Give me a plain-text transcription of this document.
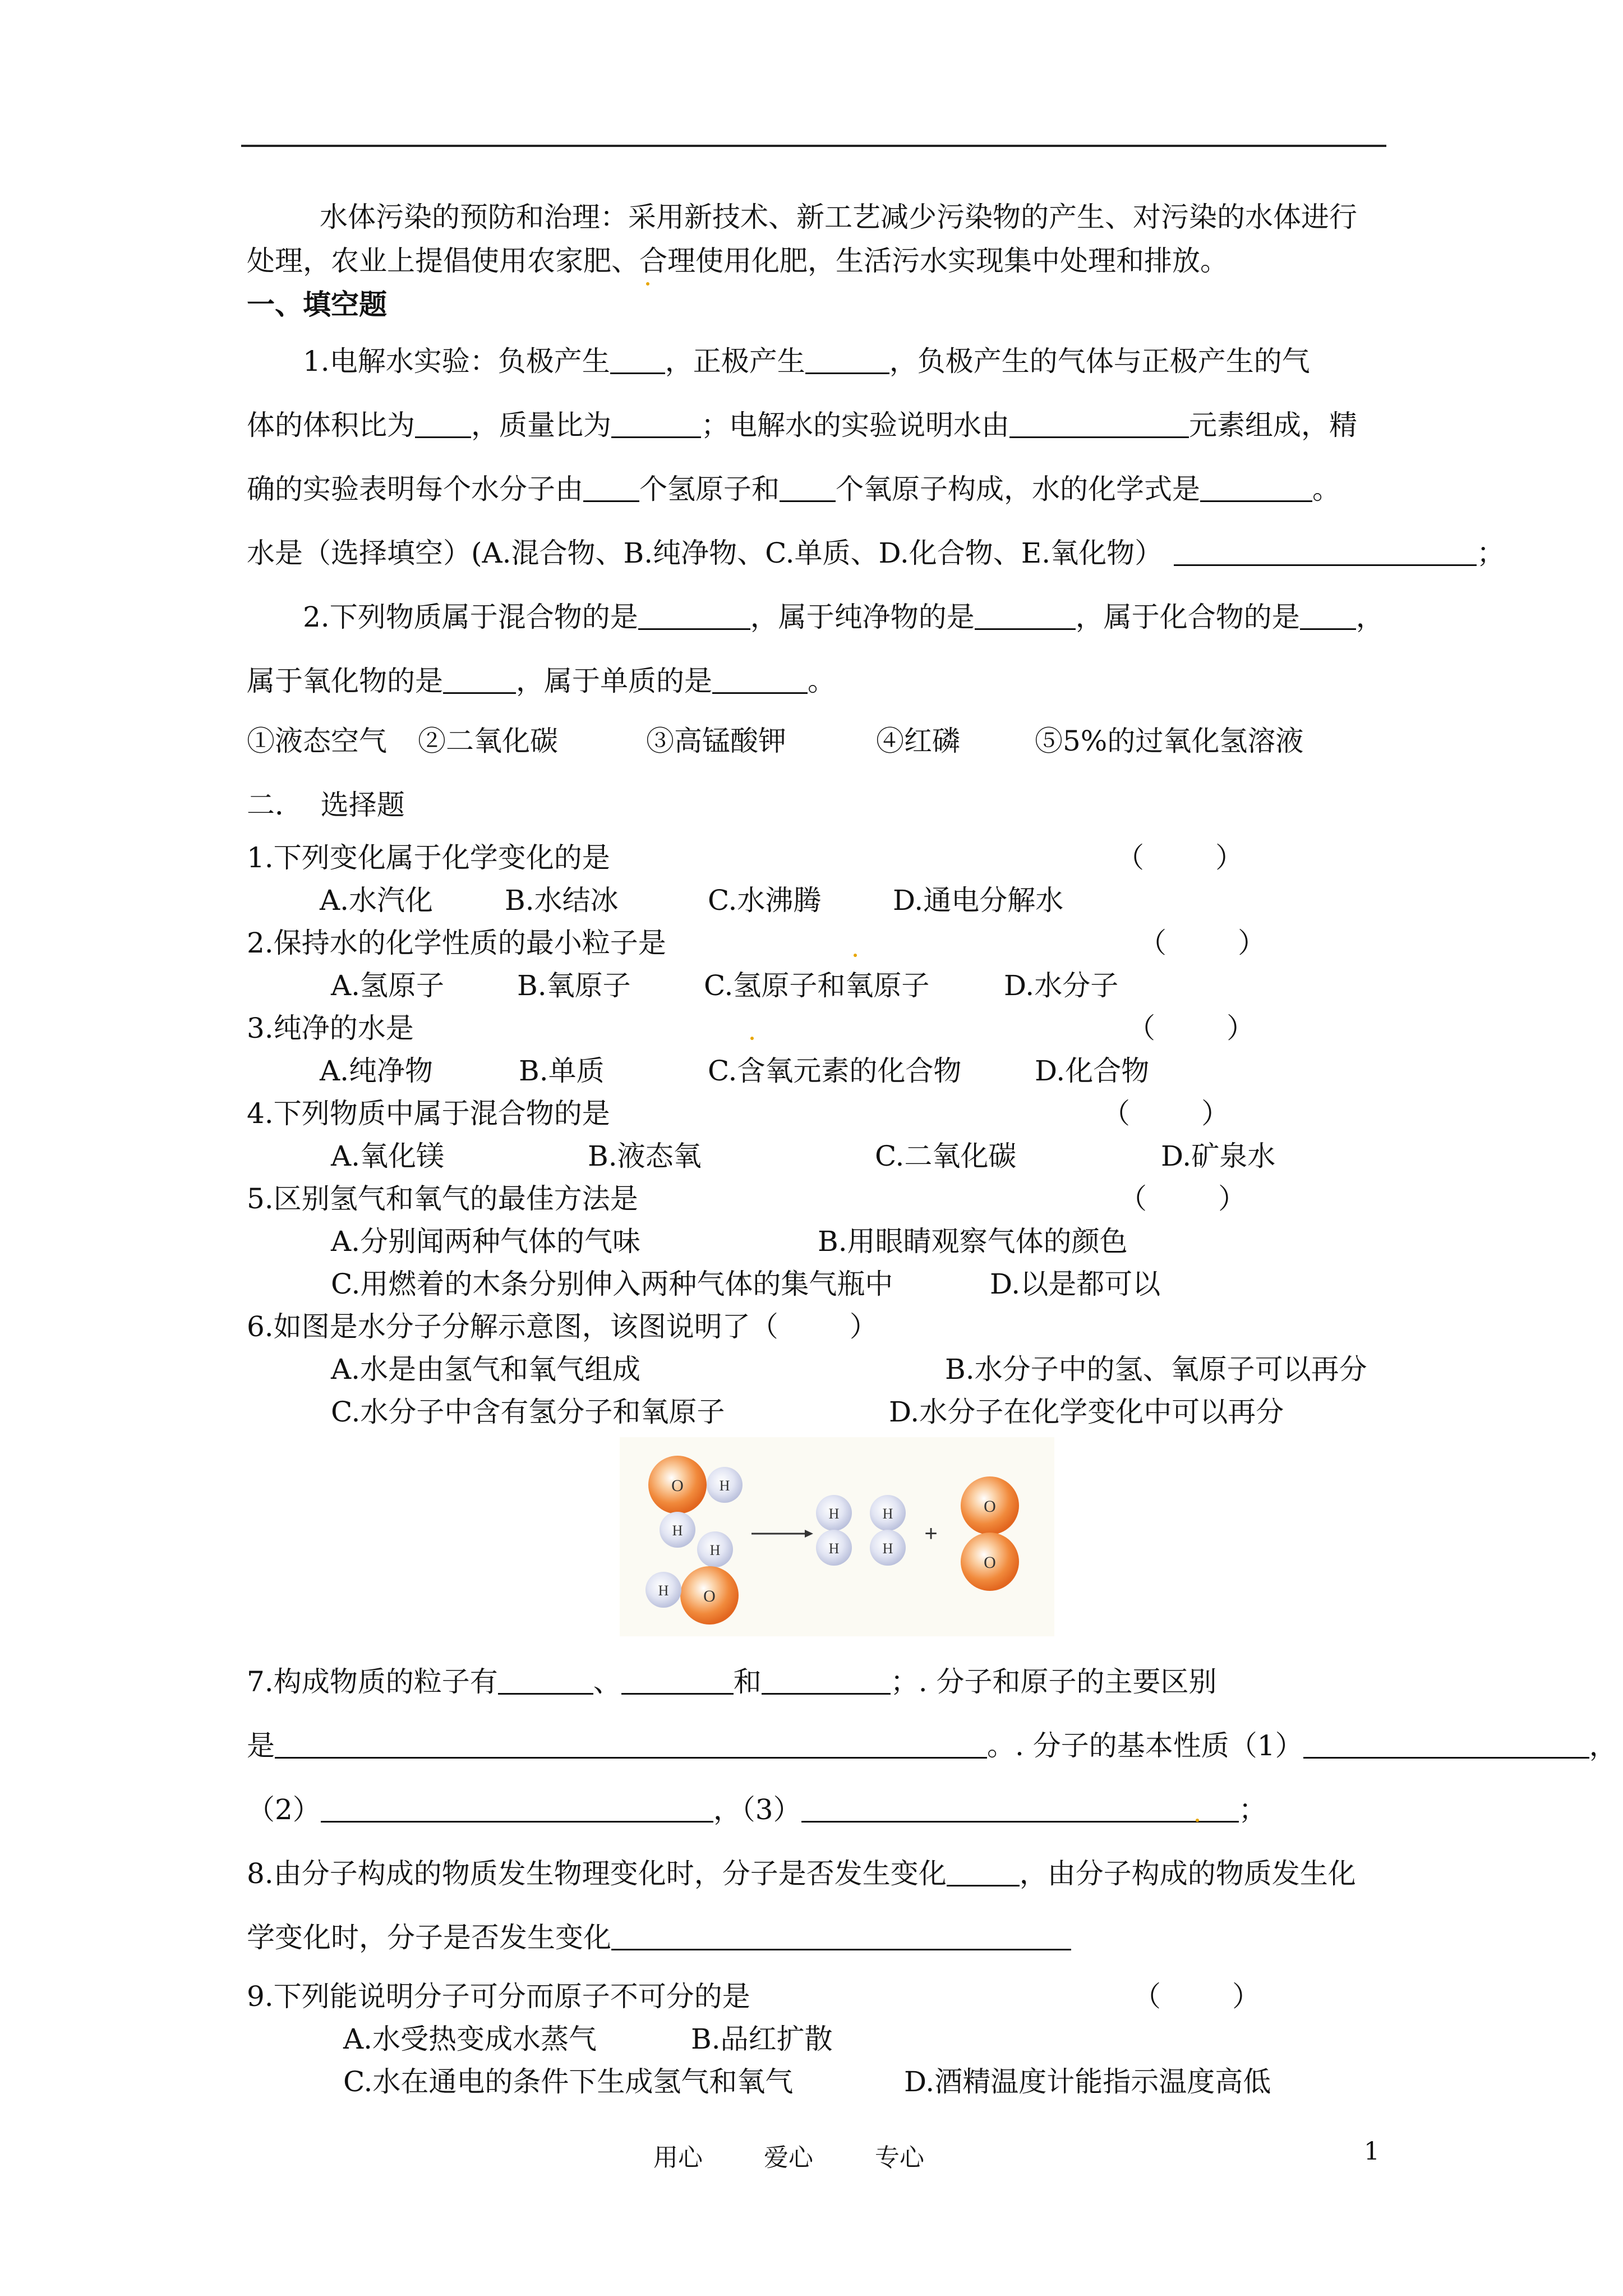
水体污染的预防和治理：采用新技术、新工艺减少污染物的产生、对污染的水体进行
处理，农业上提倡使用农家肥、合理使用化肥，生活污水实现集中处理和排放。
一、填空题
1.电解水实验：负极产生 ，正极产生	，负极产生的气体与正极产生的气
体的体积比为 ，质量比为	；电解水的实验说明水由	元素组成，精
确的实验表明每个水分子由 个氢原子和 个氧原子构成，水的化学式是	。
水是（选择填空）(A.混合物、B.纯净物、C.单质、D.化合物、E.氧化物）	；
2.下列物质属于混合物的是	，属于纯净物的是	，属于化合物的是 ，
属于氧化物的是	，属于单质的是	。
①液态空气 ②二氧化碳	③高锰酸钾	④红磷	⑤5%的过氧化氢溶液
二．  选择题
1.下列变化属于化学变化的是	（        ）
A.水汽化	B.水结冰	C.水沸腾	D.通电分解水
2.保持水的化学性质的最小粒子是	（        ）
A.氢原子	B.氧原子	C.氢原子和氧原子	D.水分子
3.纯净的水是	（        ）
A.纯净物	B.单质	C.含氧元素的化合物	D.化合物
4.下列物质中属于混合物的是	（        ）
A.氧化镁	B.液态氧	C.二氧化碳	D.矿泉水
5.区别氢气和氧气的最佳方法是	（        ）
A.分别闻两种气体的气味	B.用眼睛观察气体的颜色
C.用燃着的木条分别伸入两种气体的集气瓶中	D.以是都可以
6.如图是水分子分解示意图，该图说明了（        ）
A.水是由氢气和氧气组成	B.水分子中的氢、氧原子可以再分
C.水分子中含有氢分子和氧原子	D.水分子在化学变化中可以再分
O H
H
H
O
H
H
H
H
H
+
O
O
7.构成物质的粒子有	、	和	；. 分子和原子的主要区别
是	。. 分子的基本性质（1）	，
（2）	，（3）	；
8.由分子构成的物质发生物理变化时，分子是否发生变化	，由分子构成的物质发生化
学变化时，分子是否发生变化
9.下列能说明分子可分而原子不可分的是	（        ）
A.水受热变成水蒸气	B.品红扩散
C.水在通电的条件下生成氢气和氧气	D.酒精温度计能指示温度高低
用心 爱心	专心	1
